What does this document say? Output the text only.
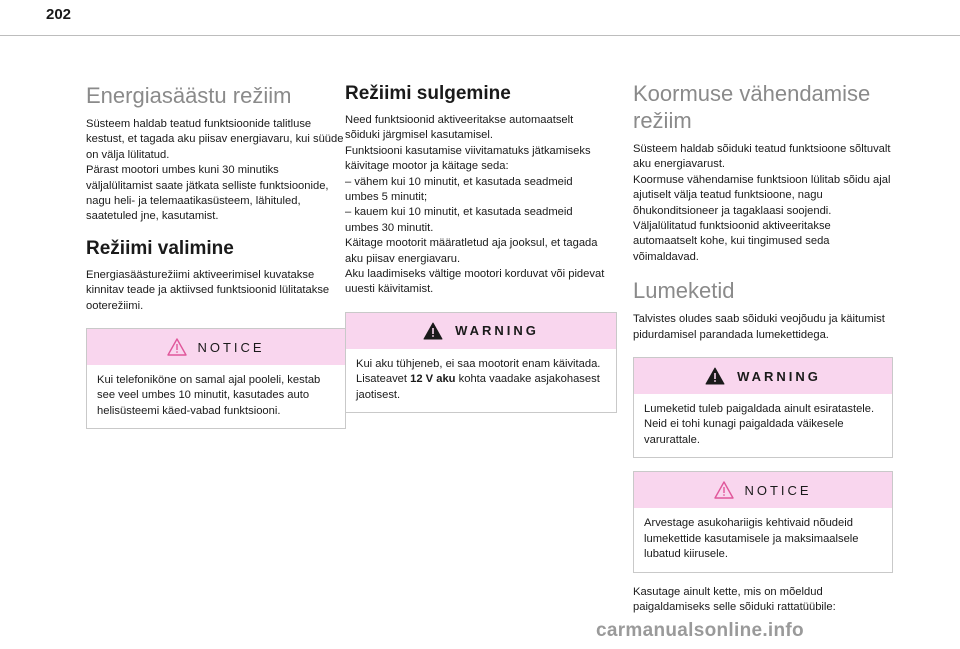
202
Energiasäästu režiim

Süsteem haldab teatud funktsioonide talitluse kestust, et tagada aku piisav energiavaru, kui süüde on välja lülitatud.

Pärast mootori umbes kuni 30 minutiks väljalülitamist saate jätkata selliste funktsioonide, nagu heli- ja telemaatikasüsteem, lähituled, saatetuled jne, kasutamist.

Režiimi valimine

Energiasäästurežiimi aktiveerimisel kuvatakse kinnitav teade ja aktiivsed funktsioonid lülitatakse ooterežiimi.

NOTICE
Kui telefoniköne on samal ajal pooleli, kestab see veel umbes 10 minutit, kasutades auto helisüsteemi käed-vabad funktsiooni.
Režiimi sulgemine

Need funktsioonid aktiveeritakse automaatselt sõiduki järgmisel kasutamisel.

Funktsiooni kasutamise viivitamatuks jätkamiseks käivitage mootor ja käitage seda:

– vähem kui 10 minutit, et kasutada seadmeid umbes 5 minutit;

– kauem kui 10 minutit, et kasutada seadmeid umbes 30 minutit.

Käitage mootorit määratletud aja jooksul, et tagada aku piisav energiavaru.

Aku laadimiseks vältige mootori korduvat või pidevat uuesti käivitamist.

WARNING
Kui aku tühjeneb, ei saa mootorit enam käivitada.
Lisateavet 12 V aku kohta vaadake asjakohasest jaotisest.
Koormuse vähendamise režiim

Süsteem haldab sõiduki teatud funktsioone sõltuvalt aku energiavarust.

Koormuse vähendamise funktsioon lülitab sõidu ajal ajutiselt välja teatud funktsioone, nagu õhukonditsioneer ja tagaklaasi soojendi.

Väljalülitatud funktsioonid aktiveeritakse automaatselt kohe, kui tingimused seda võimaldavad.

Lumeketid

Talvistes oludes saab sõiduki veojõudu ja käitumist pidurdamisel parandada lumekettidega.

WARNING
Lumeketid tuleb paigaldada ainult esiratastele. Neid ei tohi kunagi paigaldada väikesele varurattale.
NOTICE
Arvestage asukohariigis kehtivaid nõudeid lumekettide kasutamisele ja maksimaalsele lubatud kiirusele.

Kasutage ainult kette, mis on mõeldud paigaldamiseks selle sõiduki rattatüübile:

carmanualsonline.info
